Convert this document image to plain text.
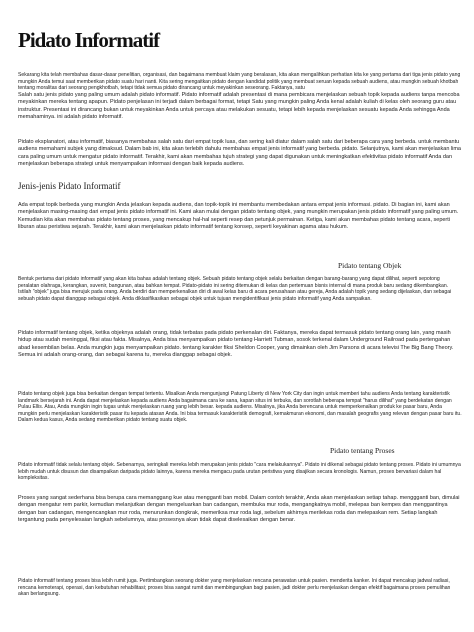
Pidato Informatif

Sekarang kita telah membahas dasar-dasar penelitian, organisasi, dan bagaimana membuat klaim yang beralasan, kita akan mengalihkan perhatian kita ke yang pertama dari tiga jenis pidato yang mungkin Anda temui saat memberikan pidato suatu hari nanti. Kita sering mengaitkan pidato dengan kandidat politik yang membuat seruan kepada sebuah audiens, atau mungkin sebuah khotbah tentang moralitas dari seorang pengkhotbah, tetapi tidak semua pidato dirancang untuk meyakinkan seseorang. Faktanya, satu

Salah satu jenis pidato yang paling umum adalah pidato informatif. Pidato informatif adalah presentasi di mana pembicara menjelaskan sebuah topik kepada audiens tanpa mencoba meyakinkan mereka tentang apapun. Pidato penjelasan ini terjadi dalam berbagai format, tetapi Satu yang mungkin paling Anda kenal adalah kuliah di kelas oleh seorang guru atau instruktur. Presentasi ini dirancang bukan untuk meyakinkan Anda untuk percaya atau melakukan sesuatu, tetapi lebih kepada menjelaskan sesuatu kepada Anda sehingga Anda memahaminya. ini adalah pidato informatif.

Pidato eksplanatori, atau informatif, biasanya membahas salah satu dari empat topik luas, dan sering kali diatur dalam salah satu dari beberapa cara yang berbeda. untuk membantu audiens memahami subjek yang dimaksud. Dalam bab ini, kita akan terlebih dahulu membahas empat jenis informatif yang berbeda. pidato. Selanjutnya, kami akan menjelaskan lima cara paling umum untuk mengatur pidato informatif. Terakhir, kami akan membahas tujuh strategi yang dapat digunakan untuk meningkatkan efektivitas pidato informatif Anda dan menjelaskan beberapa strategi untuk menyampaikan informasi dengan baik kepada audiens.

Jenis-jenis Pidato Informatif

Ada empat topik berbeda yang mungkin Anda jelaskan kepada audiens, dan topik-topik ini membantu membedakan antara empat jenis informasi. pidato. Di bagian ini, kami akan menjelaskan masing-masing dari empat jenis pidato informatif ini. Kami akan mulai dengan pidato tentang objek, yang mungkin merupakan jenis pidato informatif yang paling umum. Kemudian kita akan membahas pidato tentang proses, yang mencakup hal-hal seperti resep dan petunjuk permainan. Ketiga, kami akan membahas pidato tentang acara, seperti liburan atau peristiwa sejarah. Terakhir, kami akan menjelaskan pidato informatif tentang konsep, seperti keyakinan agama atau hukum.

Pidato tentang Objek

Bentuk pertama dari pidato informatif yang akan kita bahas adalah tentang objek. Sebuah pidato tentang objek selalu berkaitan dengan barang-barang yang dapat dilihat, seperti sepotong peralatan olahraga, kerangkan, suvenir, bangunan, atau bahkan tempat. Pidato-pidato ini sering ditemukan di kelas dan pertemuan bisnis internal di mana produk baru sedang dikembangkan. Istilah "objek" juga bisa merujuk pada orang. Anda berdiri dan memperkenalkan diri di awal kelas baru di acara perusahaan atau gereja, Anda adalah topik yang sedang dijelaskan, dan sebagai sebuah pidato dapat dianggap sebagai objek. Anda diklasifikasikan sebagai objek untuk tujuan mengidentifikasi jenis pidato informatif yang Anda sampaikan.

Pidato informatif tentang objek, ketika objeknya adalah orang, tidak terbatas pada pidato perkenalan diri. Faktanya, mereka dapat termasuk pidato tentang orang lain, yang masih hidup atau sudah meninggal, fiksi atau fakta. Misalnya, Anda bisa menyampaikan pidato tentang Harriett Tubman, sosok terkenal dalam Underground Railroad pada pertengahan abad kesembilan belas. Anda mungkin juga menyampaikan pidato. tentang karakter fiksi Sheldon Cooper, yang dimainkan oleh Jim Parsons di acara televisi The Big Bang Theory. Semua ini adalah orang-orang, dan sebagai karena tu, mereka dianggap sebagai objek.

Pidato tentang objek juga bisa berkaitan dengan tempat tertentu. Misalkan Anda mengunjungi Patung Liberty di New York City dan ingin untuk memberi tahu audiens Anda tentang karakteristik landmark bersejarah ini. Anda dapat menjelaskan kepada audiens Anda bagaimana cara ke sana, kapan situs ini terbuka, dan sorotlah beberapa tempat "harus dilihat" yang berdekatan dengan Pulau Ellis. Atau, Anda mungkin ingin tugas untuk menjelaskan ruang yang lebih besar. kepada audiens. Misalnya, jika Anda berencana untuk memperkenalkan produk ke pasar baru, Anda mungkin perlu menjelaskan karakteristik pasar itu kepada atasan Anda. Ini bisa termasuk karakteristik demografi, kemakmuran ekonomi, dan masalah geografis yang relevan dengan pasar baru itu. Dalam kedua kasus, Anda sedang memberikan pidato tentang suatu objek.

Pidato tentang Proses

Pidato informatif tidak selalu tentang objek. Sebenarnya, seringkali mereka lebih merupakan jenis pidato "cara melakukannya". Pidato ini dikenal sebagai pidato tentang proses. Pidato ini umumnya lebih mudah untuk disusun dan disampaikan daripada pidato lainnya, karena mereka mengacu pada urutan peristiwa yang disajikan secara kronologis. Namun, proses bervariasi dalam hal kompleksitas.

Proses yang sangat sederhana bisa berupa cara memanggang kue atau mengganti ban mobil. Dalam contoh terakhir, Anda akan menjelaskan setiap tahap. menggganti ban, dimulai dengan mengatur rem parkir, kemudian melanjutkan dengan mengeluarkan ban cadangan, membuka mur roda, mengangkatnya mobil, melepas ban kempes dan menggantinya dengan ban cadangan, mengencangkan mur roda, menurunkan dongkrak, memeriksa mur roda lagi, sebelum akhirnya merilekas roda dan melepaskan rem. Setiap langkah tergantung pada penyelesaian langkah sebelumnya, atau prosesnya akan tidak dapat diselesaikan dengan benar.

Pidato informatif tentang proses bisa lebih rumit juga. Pertimbangkan seorang dokter yang menjelaskan rencana perawatan untuk pasien. menderita kanker. Ini dapat mencakup jadwal radiasi, rencana kemoterapi, operasi, dan kebutuhan rehabilitasi; proses bisa sangat rumit dan membingungkan bagi pasien, jadi dokter perlu menjelaskan dengan efektif bagaimana proses pemulihan akan berlangsung.
